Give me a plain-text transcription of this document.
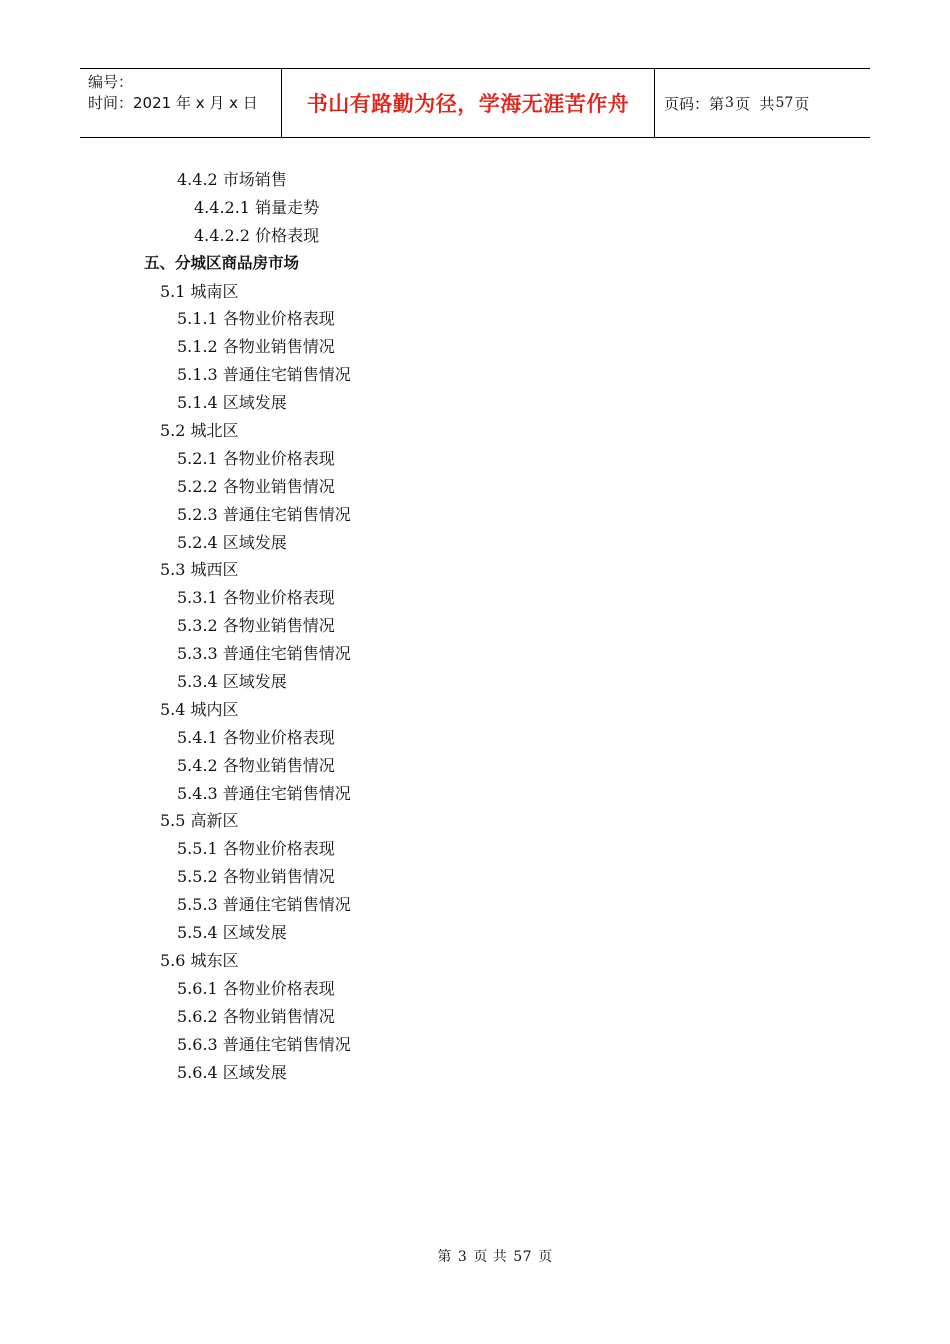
编号：
时间：2021 年 x 月 x 日	书山有路勤为径，学海无涯苦作舟	页码：第 3 页  共 57 页
4.4.2 市场销售
4.4.2.1 销量走势
4.4.2.2 价格表现
五、分城区商品房市场
5.1 城南区
5.1.1 各物业价格表现
5.1.2 各物业销售情况
5.1.3 普通住宅销售情况
5.1.4 区域发展
5.2 城北区
5.2.1 各物业价格表现
5.2.2 各物业销售情况
5.2.3 普通住宅销售情况
5.2.4 区域发展
5.3 城西区
5.3.1 各物业价格表现
5.3.2 各物业销售情况
5.3.3 普通住宅销售情况
5.3.4 区域发展
5.4 城内区
5.4.1 各物业价格表现
5.4.2 各物业销售情况
5.4.3 普通住宅销售情况
5.5 高新区
5.5.1 各物业价格表现
5.5.2 各物业销售情况
5.5.3 普通住宅销售情况
5.5.4 区域发展
5.6 城东区
5.6.1 各物业价格表现
5.6.2 各物业销售情况
5.6.3 普通住宅销售情况
5.6.4 区域发展
第 3 页 共 57 页
